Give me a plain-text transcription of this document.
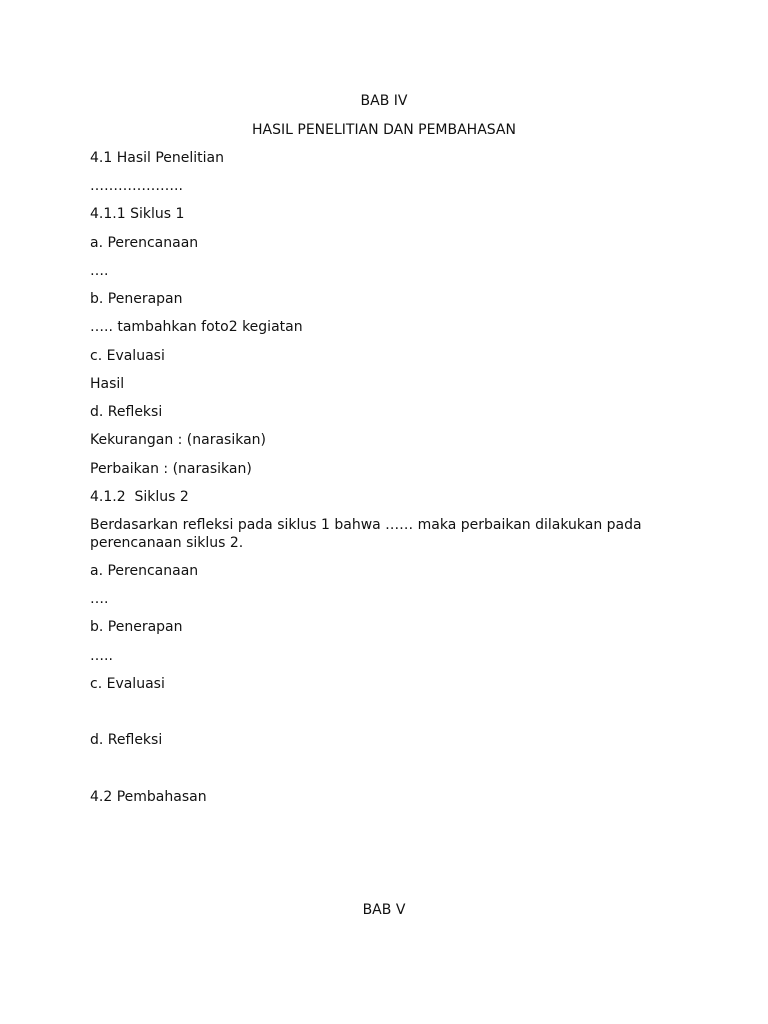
BAB IV
HASIL PENELITIAN DAN PEMBAHASAN
4.1 Hasil Penelitian
………………..
4.1.1 Siklus 1
a. Perencanaan
….
b. Penerapan
….. tambahkan foto2 kegiatan
c. Evaluasi
Hasil
d. Refleksi
Kekurangan : (narasikan)
Perbaikan : (narasikan)
4.1.2  Siklus 2
Berdasarkan refleksi pada siklus 1 bahwa …… maka perbaikan dilakukan pada perencanaan siklus 2.
a. Perencanaan
….
b. Penerapan
…..
c. Evaluasi
d. Refleksi
4.2 Pembahasan
BAB V
